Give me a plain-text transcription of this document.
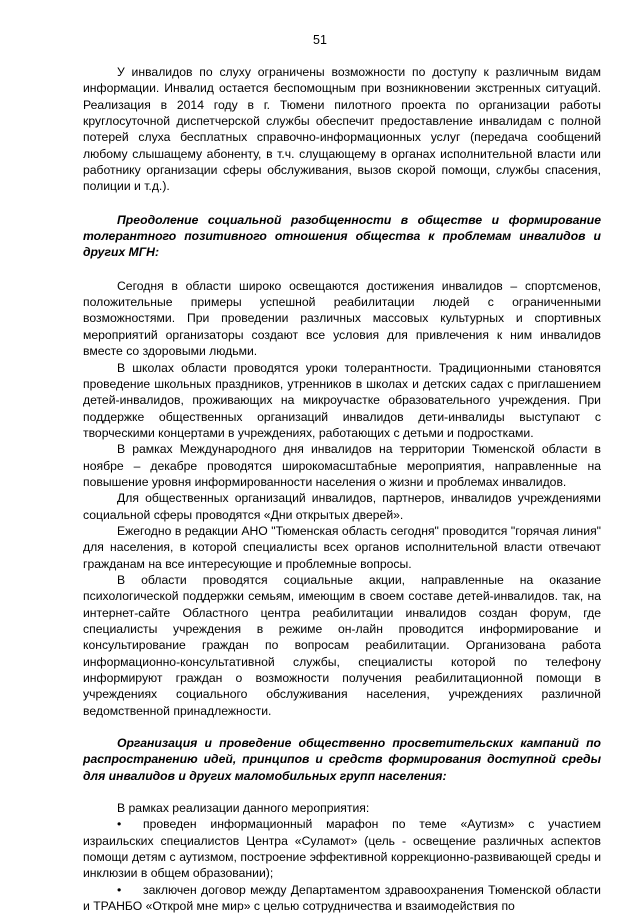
51

У инвалидов по слуху ограничены возможности по доступу к различным видам информации. Инвалид остается беспомощным при возникновении экстренных ситуаций. Реализация в 2014 году в г. Тюмени пилотного проекта по организации работы круглосуточной диспетчерской службы обеспечит предоставление инвалидам с полной потерей слуха бесплатных справочно-информационных услуг (передача сообщений любому слышащему абоненту, в т.ч. слущающему в органах исполнительной власти или работнику организации сферы обслуживания, вызов скорой помощи, службы спасения, полиции и т.д.).

Преодоление социальной разобщенности в обществе и формирование толерантного позитивного отношения общества к проблемам инвалидов и других МГН:

Сегодня в области широко освещаются достижения инвалидов – спортсменов, положительные примеры успешной реабилитации людей с ограниченными возможностями. При проведении различных массовых культурных и спортивных мероприятий организаторы создают все условия для привлечения к ним инвалидов вместе со здоровыми людьми.

В школах области проводятся уроки толерантности. Традиционными становятся проведение школьных праздников, утренников в школах и детских садах с приглашением детей-инвалидов, проживающих на микроучастке образовательного учреждения. При поддержке общественных организаций инвалидов дети-инвалиды выступают с творческими концертами в учреждениях, работающих с детьми и подростками.

В рамках Международного дня инвалидов на территории Тюменской области в ноябре – декабре проводятся широкомасштабные мероприятия, направленные на повышение уровня информированности населения о жизни и проблемах инвалидов.

Для общественных организаций инвалидов, партнеров, инвалидов учреждениями социальной сферы проводятся «Дни открытых дверей».

Ежегодно в редакции АНО "Тюменская область сегодня" проводится "горячая линия" для населения, в которой специалисты всех органов исполнительной власти отвечают гражданам на все интересующие и проблемные вопросы.

В области проводятся социальные акции, направленные на оказание психологической поддержки семьям, имеющим в своем составе детей-инвалидов. так, на интернет-сайте Областного центра реабилитации инвалидов создан форум, где специалисты учреждения в режиме он-лайн проводится информирование и консультирование граждан по вопросам реабилитации. Организована работа информационно-консультативной службы, специалисты которой по телефону информируют граждан о возможности получения реабилитационной помощи в учреждениях социального обслуживания населения, учреждениях различной ведомственной принадлежности.

Организация и проведение общественно просветительских кампаний по распространению идей, принципов и средств формирования доступной среды для инвалидов и других маломобильных групп населения:

В рамках реализации данного мероприятия:

• проведен информационный марафон по теме «Аутизм» с участием израильских специалистов Центра «Суламот» (цель - освещение различных аспектов помощи детям с аутизмом, построение эффективной коррекционно-развивающей среды и инклюзии в общем образовании);
• заключен договор между Департаментом здравоохранения Тюменской области и ТРАНБО «Открой мне мир» с целью сотрудничества и взаимодействия по
